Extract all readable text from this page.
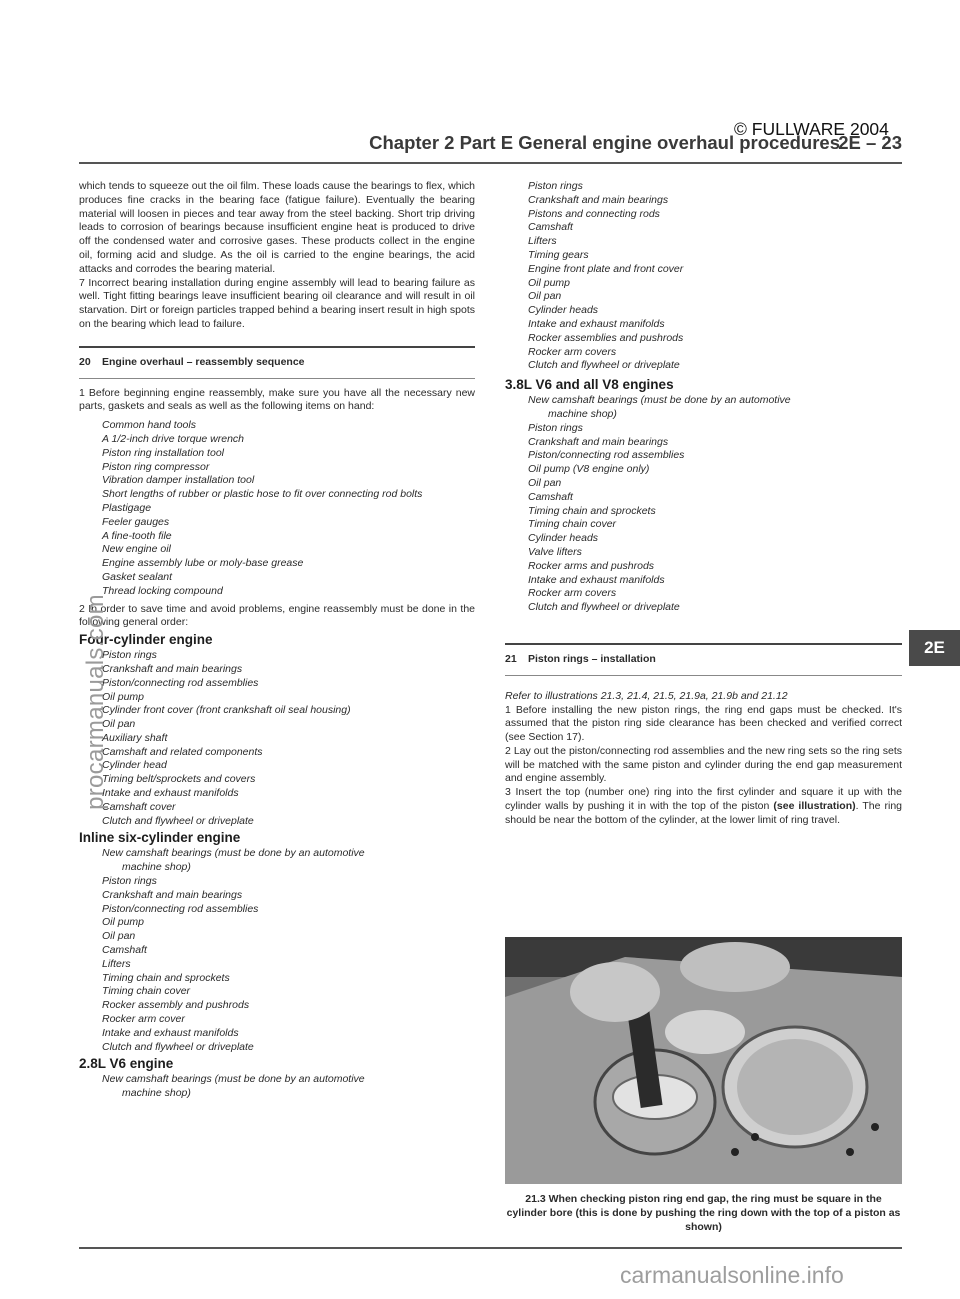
Chapter 2 Part E General engine overhaul procedures
2E – 23
© FULLWARE 2004

which tends to squeeze out the oil film. These loads cause the bearings to flex, which produces fine cracks in the bearing face (fatigue failure). Eventually the bearing material will loosen in pieces and tear away from the steel backing. Short trip driving leads to corrosion of bearings because insufficient engine heat is produced to drive off the condensed water and corrosive gases. These products collect in the engine oil, forming acid and sludge. As the oil is carried to the engine bearings, the acid attacks and corrodes the bearing material.

7 Incorrect bearing installation during engine assembly will lead to bearing failure as well. Tight fitting bearings leave insufficient bearing oil clearance and will result in oil starvation. Dirt or foreign particles trapped behind a bearing insert result in high spots on the bearing which lead to failure.

20 Engine overhaul – reassembly sequence

1 Before beginning engine reassembly, make sure you have all the necessary new parts, gaskets and seals as well as the following items on hand:

Common hand tools
A 1/2-inch drive torque wrench
Piston ring installation tool
Piston ring compressor
Vibration damper installation tool
Short lengths of rubber or plastic hose to fit over connecting rod bolts
Plastigage
Feeler gauges
A fine-tooth file
New engine oil
Engine assembly lube or moly-base grease
Gasket sealant
Thread locking compound

2 In order to save time and avoid problems, engine reassembly must be done in the following general order:

Four-cylinder engine
Piston rings
Crankshaft and main bearings
Piston/connecting rod assemblies
Oil pump
Cylinder front cover (front crankshaft oil seal housing)
Oil pan
Auxiliary shaft
Camshaft and related components
Cylinder head
Timing belt/sprockets and covers
Intake and exhaust manifolds
Camshaft cover
Clutch and flywheel or driveplate
Inline six-cylinder engine
New camshaft bearings (must be done by an automotive
machine shop)
Piston rings
Crankshaft and main bearings
Piston/connecting rod assemblies
Oil pump
Oil pan
Camshaft
Lifters
Timing chain and sprockets
Timing chain cover
Rocker assembly and pushrods
Rocker arm cover
Intake and exhaust manifolds
Clutch and flywheel or driveplate
2.8L V6 engine
New camshaft bearings (must be done by an automotive
machine shop)
Piston rings
Crankshaft and main bearings
Pistons and connecting rods
Camshaft
Lifters
Timing gears
Engine front plate and front cover
Oil pump
Oil pan
Cylinder heads
Intake and exhaust manifolds
Rocker assemblies and pushrods
Rocker arm covers
Clutch and flywheel or driveplate
3.8L V6 and all V8 engines
New camshaft bearings (must be done by an automotive
machine shop)
Piston rings
Crankshaft and main bearings
Piston/connecting rod assemblies
Oil pump (V8 engine only)
Oil pan
Camshaft
Timing chain and sprockets
Timing chain cover
Cylinder heads
Valve lifters
Rocker arms and pushrods
Intake and exhaust manifolds
Rocker arm covers
Clutch and flywheel or driveplate
21 Piston rings – installation

Refer to illustrations 21.3, 21.4, 21.5, 21.9a, 21.9b and 21.12

1 Before installing the new piston rings, the ring end gaps must be checked. It's assumed that the piston ring side clearance has been checked and verified correct (see Section 17).

2 Lay out the piston/connecting rod assemblies and the new ring sets so the ring sets will be matched with the same piston and cylinder during the end gap measurement and engine assembly.

3 Insert the top (number one) ring into the first cylinder and square it up with the cylinder walls by pushing it in with the top of the piston (see illustration). The ring should be near the bottom of the cylinder, at the lower limit of ring travel.

21.3 When checking piston ring end gap, the ring must be square in the cylinder bore (this is done by pushing the ring down with the top of a piston as shown)
2E
procarmanuals.com
carmanualsonline.info
